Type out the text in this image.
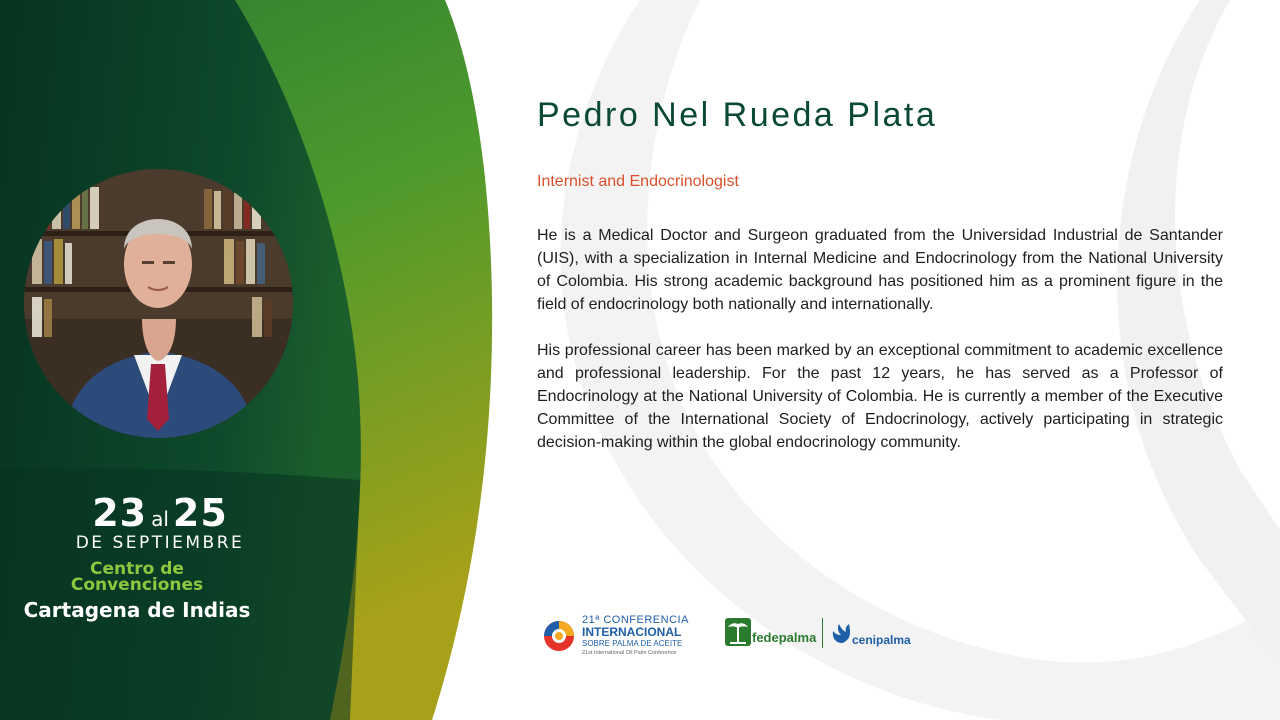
23 al 25
DE SEPTIEMBRE
Centro de
Convenciones
Cartagena de Indias
Pedro Nel Rueda Plata
Internist and Endocrinologist

He is a Medical Doctor and Surgeon graduated from the Universidad Industrial de Santander (UIS), with a specialization in Internal Medicine and Endocrinology from the National University of Colombia. His strong academic background has positioned him as a prominent figure in the field of endocrinology both nationally and internationally.

His professional career has been marked by an exceptional commitment to academic excellence and professional leadership. For the past 12 years, he has served as a Professor of Endocrinology at the National University of Colombia. He is currently a member of the Executive Committee of the International Society of Endocrinology, actively participating in strategic decision-making within the global endocrinology community.

21ª CONFERENCIA
INTERNACIONAL
SOBRE PALMA DE ACEITE
21st International Oil Palm Conference
fedepalma	cenipalma
